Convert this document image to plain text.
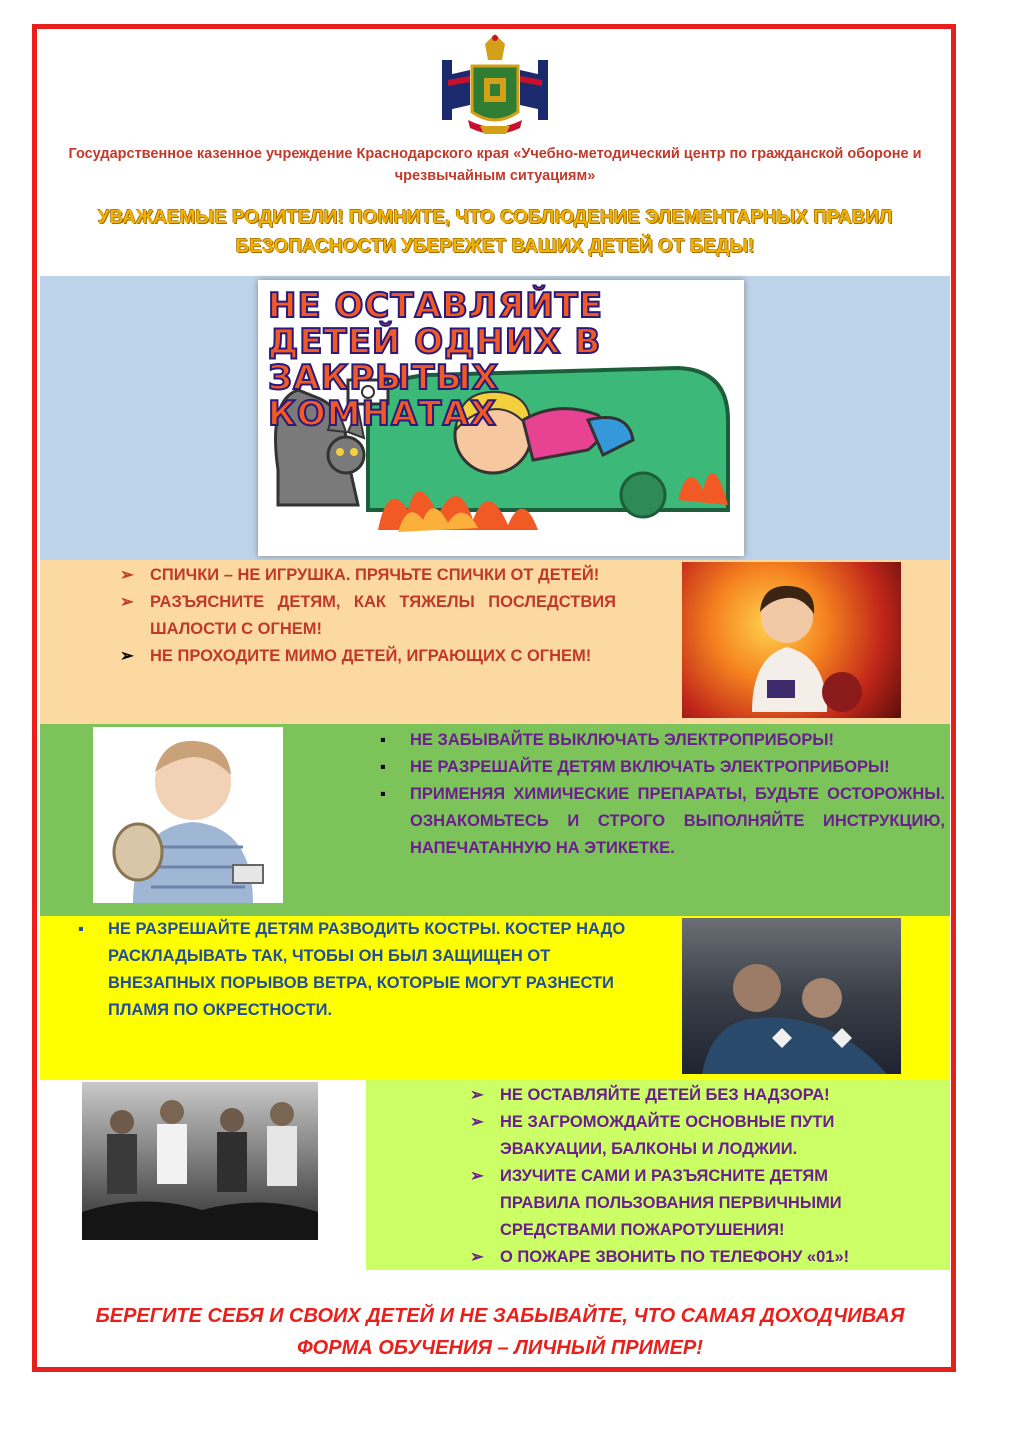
Государственное казенное учреждение Краснодарского края «Учебно-методический центр по гражданской обороне и чрезвычайным ситуациям»
УВАЖАЕМЫЕ РОДИТЕЛИ! ПОМНИТЕ, ЧТО СОБЛЮДЕНИЕ ЭЛЕМЕНТАРНЫХ ПРАВИЛ БЕЗОПАСНОСТИ УБЕРЕЖЕТ ВАШИХ ДЕТЕЙ ОТ БЕДЫ!
НЕ ОСТАВЛЯЙТЕ ДЕТЕЙ ОДНИХ В ЗАКРЫТЫХ КОМНАТАХ
➢ СПИЧКИ – НЕ ИГРУШКА. ПРЯЧЬТЕ СПИЧКИ ОТ ДЕТЕЙ!
➢ РАЗЪЯСНИТЕ ДЕТЯМ, КАК ТЯЖЕЛЫ ПОСЛЕДСТВИЯ ШАЛОСТИ С ОГНЕМ!
➢ НЕ ПРОХОДИТЕ МИМО ДЕТЕЙ, ИГРАЮЩИХ С ОГНЕМ!
▪	НЕ ЗАБЫВАЙТЕ ВЫКЛЮЧАТЬ ЭЛЕКТРОПРИБОРЫ!
▪	НЕ РАЗРЕШАЙТЕ ДЕТЯМ ВКЛЮЧАТЬ ЭЛЕКТРОПРИБОРЫ!
▪	ПРИМЕНЯЯ ХИМИЧЕСКИЕ ПРЕПАРАТЫ, БУДЬТЕ ОСТОРОЖНЫ. ОЗНАКОМЬТЕСЬ И СТРОГО ВЫПОЛНЯЙТЕ ИНСТРУКЦИЮ, НАПЕЧАТАННУЮ НА ЭТИКЕТКЕ.
▪	НЕ РАЗРЕШАЙТЕ ДЕТЯМ РАЗВОДИТЬ КОСТРЫ. КОСТЕР НАДО РАСКЛАДЫВАТЬ ТАК, ЧТОБЫ ОН БЫЛ ЗАЩИЩЕН ОТ ВНЕЗАПНЫХ ПОРЫВОВ ВЕТРА, КОТОРЫЕ МОГУТ РАЗНЕСТИ ПЛАМЯ ПО ОКРЕСТНОСТИ.
➢ НЕ ОСТАВЛЯЙТЕ ДЕТЕЙ БЕЗ НАДЗОРА!
➢ НЕ ЗАГРОМОЖДАЙТЕ ОСНОВНЫЕ ПУТИ ЭВАКУАЦИИ, БАЛКОНЫ И ЛОДЖИИ.
➢ ИЗУЧИТЕ САМИ И РАЗЪЯСНИТЕ ДЕТЯМ ПРАВИЛА ПОЛЬЗОВАНИЯ ПЕРВИЧНЫМИ СРЕДСТВАМИ ПОЖАРОТУШЕНИЯ!
➢ О ПОЖАРЕ ЗВОНИТЬ ПО ТЕЛЕФОНУ «01»!
БЕРЕГИТЕ СЕБЯ И СВОИХ ДЕТЕЙ И НЕ ЗАБЫВАЙТЕ, ЧТО САМАЯ ДОХОДЧИВАЯ ФОРМА ОБУЧЕНИЯ – ЛИЧНЫЙ ПРИМЕР!
